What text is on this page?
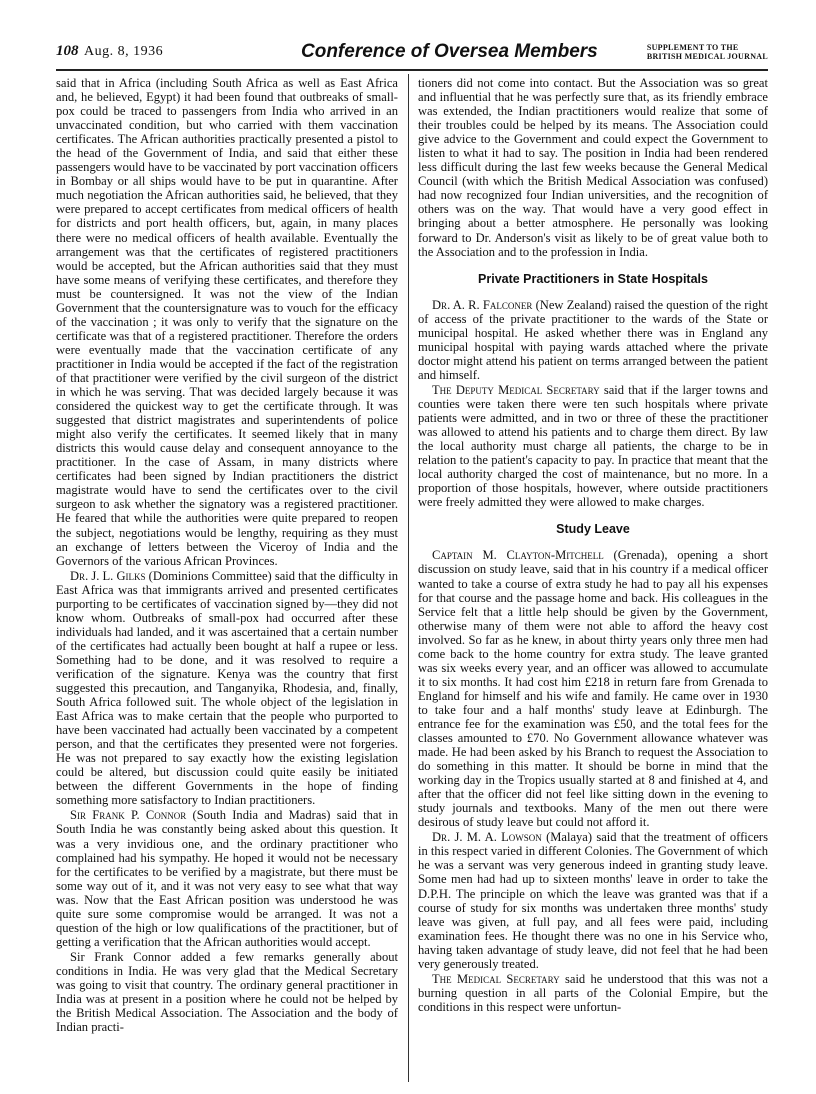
108 Aug. 8, 1936	Conference of Oversea Members	SUPPLEMENT TO THE
BRITISH MEDICAL JOURNAL

said that in Africa (including South Africa as well as East Africa and, he believed, Egypt) it had been found that outbreaks of small-pox could be traced to passengers from India who arrived in an unvaccinated condition, but who carried with them vaccination certificates. The African authorities practically presented a pistol to the head of the Government of India, and said that either these passengers would have to be vaccinated by port vaccination officers in Bombay or all ships would have to be put in quarantine. After much negotiation the African authorities said, he believed, that they were prepared to accept certificates from medical officers of health for districts and port health officers, but, again, in many places there were no medical officers of health available. Eventually the arrangement was that the certificates of registered practitioners would be accepted, but the African authorities said that they must have some means of verifying these certificates, and therefore they must be countersigned. It was not the view of the Indian Government that the countersignature was to vouch for the efficacy of the vaccination ; it was only to verify that the signature on the certificate was that of a registered practitioner. Therefore the orders were eventually made that the vaccination certificate of any practitioner in India would be accepted if the fact of the registration of that practitioner were verified by the civil surgeon of the district in which he was serving. That was decided largely because it was considered the quickest way to get the certificate through. It was suggested that district magistrates and superintendents of police might also verify the certificates. It seemed likely that in many districts this would cause delay and consequent annoyance to the practitioner. In the case of Assam, in many districts where certificates had been signed by Indian practitioners the district magistrate would have to send the certificates over to the civil surgeon to ask whether the signatory was a registered practitioner. He feared that while the authorities were quite prepared to reopen the subject, negotiations would be lengthy, requiring as they must an exchange of letters between the Viceroy of India and the Governors of the various African Provinces.

Dr. J. L. Gilks (Dominions Committee) said that the difficulty in East Africa was that immigrants arrived and presented certificates purporting to be certificates of vaccination signed by—they did not know whom. Outbreaks of small-pox had occurred after these individuals had landed, and it was ascertained that a certain number of the certificates had actually been bought at half a rupee or less. Something had to be done, and it was resolved to require a verification of the signature. Kenya was the country that first suggested this precaution, and Tanganyika, Rhodesia, and, finally, South Africa followed suit. The whole object of the legislation in East Africa was to make certain that the people who purported to have been vaccinated had actually been vaccinated by a competent person, and that the certificates they presented were not forgeries. He was not prepared to say exactly how the existing legislation could be altered, but discussion could quite easily be initiated between the different Governments in the hope of finding something more satisfactory to Indian practitioners.

Sir Frank P. Connor (South India and Madras) said that in South India he was constantly being asked about this question. It was a very invidious one, and the ordinary practitioner who complained had his sympathy. He hoped it would not be necessary for the certificates to be verified by a magistrate, but there must be some way out of it, and it was not very easy to see what that way was. Now that the East African position was understood he was quite sure some compromise would be arranged. It was not a question of the high or low qualifications of the practitioner, but of getting a verification that the African authorities would accept.

Sir Frank Connor added a few remarks generally about conditions in India. He was very glad that the Medical Secretary was going to visit that country. The ordinary general practitioner in India was at present in a position where he could not be helped by the British Medical Association. The Association and the body of Indian practi-

tioners did not come into contact. But the Association was so great and influential that he was perfectly sure that, as its friendly embrace was extended, the Indian practitioners would realize that some of their troubles could be helped by its means. The Association could give advice to the Government and could expect the Government to listen to what it had to say. The position in India had been rendered less difficult during the last few weeks because the General Medical Council (with which the British Medical Association was confused) had now recognized four Indian universities, and the recognition of others was on the way. That would have a very good effect in bringing about a better atmosphere. He personally was looking forward to Dr. Anderson's visit as likely to be of great value both to the Association and to the profession in India.

Private Practitioners in State Hospitals

Dr. A. R. Falconer (New Zealand) raised the question of the right of access of the private practitioner to the wards of the State or municipal hospital. He asked whether there was in England any municipal hospital with paying wards attached where the private doctor might attend his patient on terms arranged between the patient and himself.

The Deputy Medical Secretary said that if the larger towns and counties were taken there were ten such hospitals where private patients were admitted, and in two or three of these the practitioner was allowed to attend his patients and to charge them direct. By law the local authority must charge all patients, the charge to be in relation to the patient's capacity to pay. In practice that meant that the local authority charged the cost of maintenance, but no more. In a proportion of those hospitals, however, where outside practitioners were freely admitted they were allowed to make charges.

Study Leave

Captain M. Clayton-Mitchell (Grenada), opening a short discussion on study leave, said that in his country if a medical officer wanted to take a course of extra study he had to pay all his expenses for that course and the passage home and back. His colleagues in the Service felt that a little help should be given by the Government, otherwise many of them were not able to afford the heavy cost involved. So far as he knew, in about thirty years only three men had come back to the home country for extra study. The leave granted was six weeks every year, and an officer was allowed to accumulate it to six months. It had cost him £218 in return fare from Grenada to England for himself and his wife and family. He came over in 1930 to take four and a half months' study leave at Edinburgh. The entrance fee for the examination was £50, and the total fees for the classes amounted to £70. No Government allowance whatever was made. He had been asked by his Branch to request the Association to do something in this matter. It should be borne in mind that the working day in the Tropics usually started at 8 and finished at 4, and after that the officer did not feel like sitting down in the evening to study journals and textbooks. Many of the men out there were desirous of study leave but could not afford it.

Dr. J. M. A. Lowson (Malaya) said that the treatment of officers in this respect varied in different Colonies. The Government of which he was a servant was very generous indeed in granting study leave. Some men had had up to sixteen months' leave in order to take the D.P.H. The principle on which the leave was granted was that if a course of study for six months was undertaken three months' study leave was given, at full pay, and all fees were paid, including examination fees. He thought there was no one in his Service who, having taken advantage of study leave, did not feel that he had been very generously treated.

The Medical Secretary said he understood that this was not a burning question in all parts of the Colonial Empire, but the conditions in this respect were unfortun-
